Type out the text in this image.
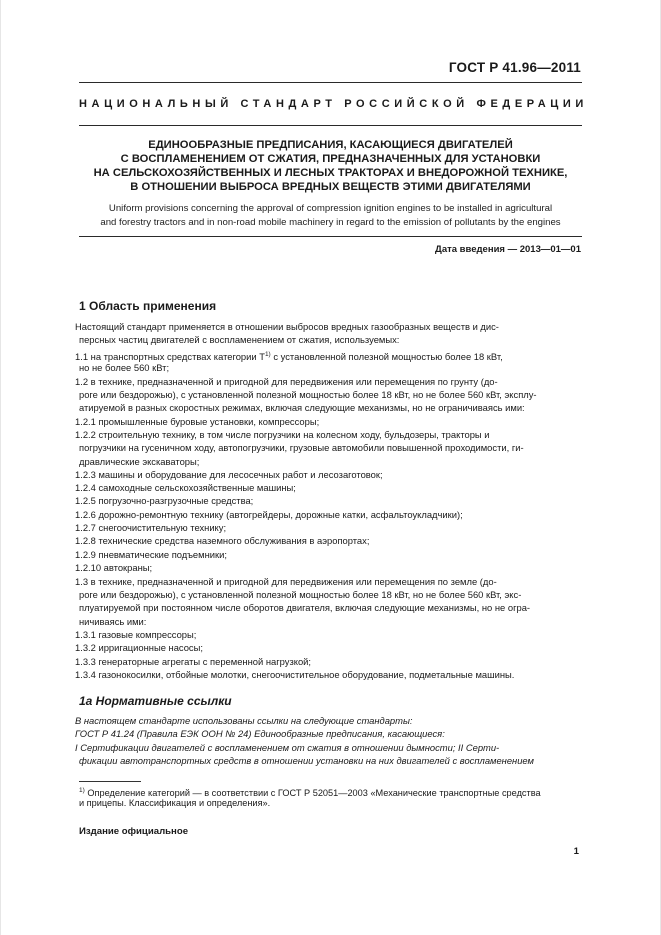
ГОСТ Р 41.96—2011
НАЦИОНАЛЬНЫЙ СТАНДАРТ РОССИЙСКОЙ ФЕДЕРАЦИИ
ЕДИНООБРАЗНЫЕ ПРЕДПИСАНИЯ, КАСАЮЩИЕСЯ ДВИГАТЕЛЕЙ
С ВОСПЛАМЕНЕНИЕМ ОТ СЖАТИЯ, ПРЕДНАЗНАЧЕННЫХ ДЛЯ УСТАНОВКИ
НА СЕЛЬСКОХОЗЯЙСТВЕННЫХ И ЛЕСНЫХ ТРАКТОРАХ И ВНЕДОРОЖНОЙ ТЕХНИКЕ,
В ОТНОШЕНИИ ВЫБРОСА ВРЕДНЫХ ВЕЩЕСТВ ЭТИМИ ДВИГАТЕЛЯМИ
Uniform provisions concerning the approval of compression ignition engines to be installed in agricultural
and forestry tractors and in non-road mobile machinery in regard to the emission of pollutants by the engines
Дата введения — 2013—01—01
1 Область применения
Настоящий стандарт применяется в отношении выбросов вредных газообразных веществ и дис-
персных частиц двигателей с воспламенением от сжатия, используемых:
1.1 на транспортных средствах категории $T^{1)}$ с установленной полезной мощностью более 18 кВт,
но не более 560 кВт;
1.2 в технике, предназначенной и пригодной для передвижения или перемещения по грунту (до-
роге или бездорожью), с установленной полезной мощностью более 18 кВт, но не более 560 кВт, эксплу-
атируемой в разных скоростных режимах, включая следующие механизмы, но не ограничиваясь ими:
1.2.1 промышленные буровые установки, компрессоры;
1.2.2 строительную технику, в том числе погрузчики на колесном ходу, бульдозеры, тракторы и
погрузчики на гусеничном ходу, автопогрузчики, грузовые автомобили повышенной проходимости, ги-
дравлические экскаваторы;
1.2.3 машины и оборудование для лесосечных работ и лесозаготовок;
1.2.4 самоходные сельскохозяйственные машины;
1.2.5 погрузочно-разгрузочные средства;
1.2.6 дорожно-ремонтную технику (автогрейдеры, дорожные катки, асфальтоукладчики);
1.2.7 снегоочистительную технику;
1.2.8 технические средства наземного обслуживания в аэропортах;
1.2.9 пневматические подъемники;
1.2.10 автокраны;
1.3 в технике, предназначенной и пригодной для передвижения или перемещения по земле (до-
роге или бездорожью), с установленной полезной мощностью более 18 кВт, но не более 560 кВт, экс-
плуатируемой при постоянном числе оборотов двигателя, включая следующие механизмы, но не огра-
ничиваясь ими:
1.3.1 газовые компрессоры;
1.3.2 ирригационные насосы;
1.3.3 генераторные агрегаты с переменной нагрузкой;
1.3.4 газонокосилки, отбойные молотки, снегоочистительное оборудование, подметальные машины.
1а Нормативные ссылки
В настоящем стандарте использованы ссылки на следующие стандарты:
ГОСТ Р 41.24 (Правила ЕЭК ООН № 24) Единообразные предписания, касающиеся:
I Сертификации двигателей с воспламенением от сжатия в отношении дымности; II Серти-
фикации автотранспортных средств в отношении установки на них двигателей с воспламенением
$^{1)}$ Определение категорий — в соответствии с ГОСТ Р 52051—2003 «Механические транспортные средства
и прицепы. Классификация и определения».
Издание официальное
1
